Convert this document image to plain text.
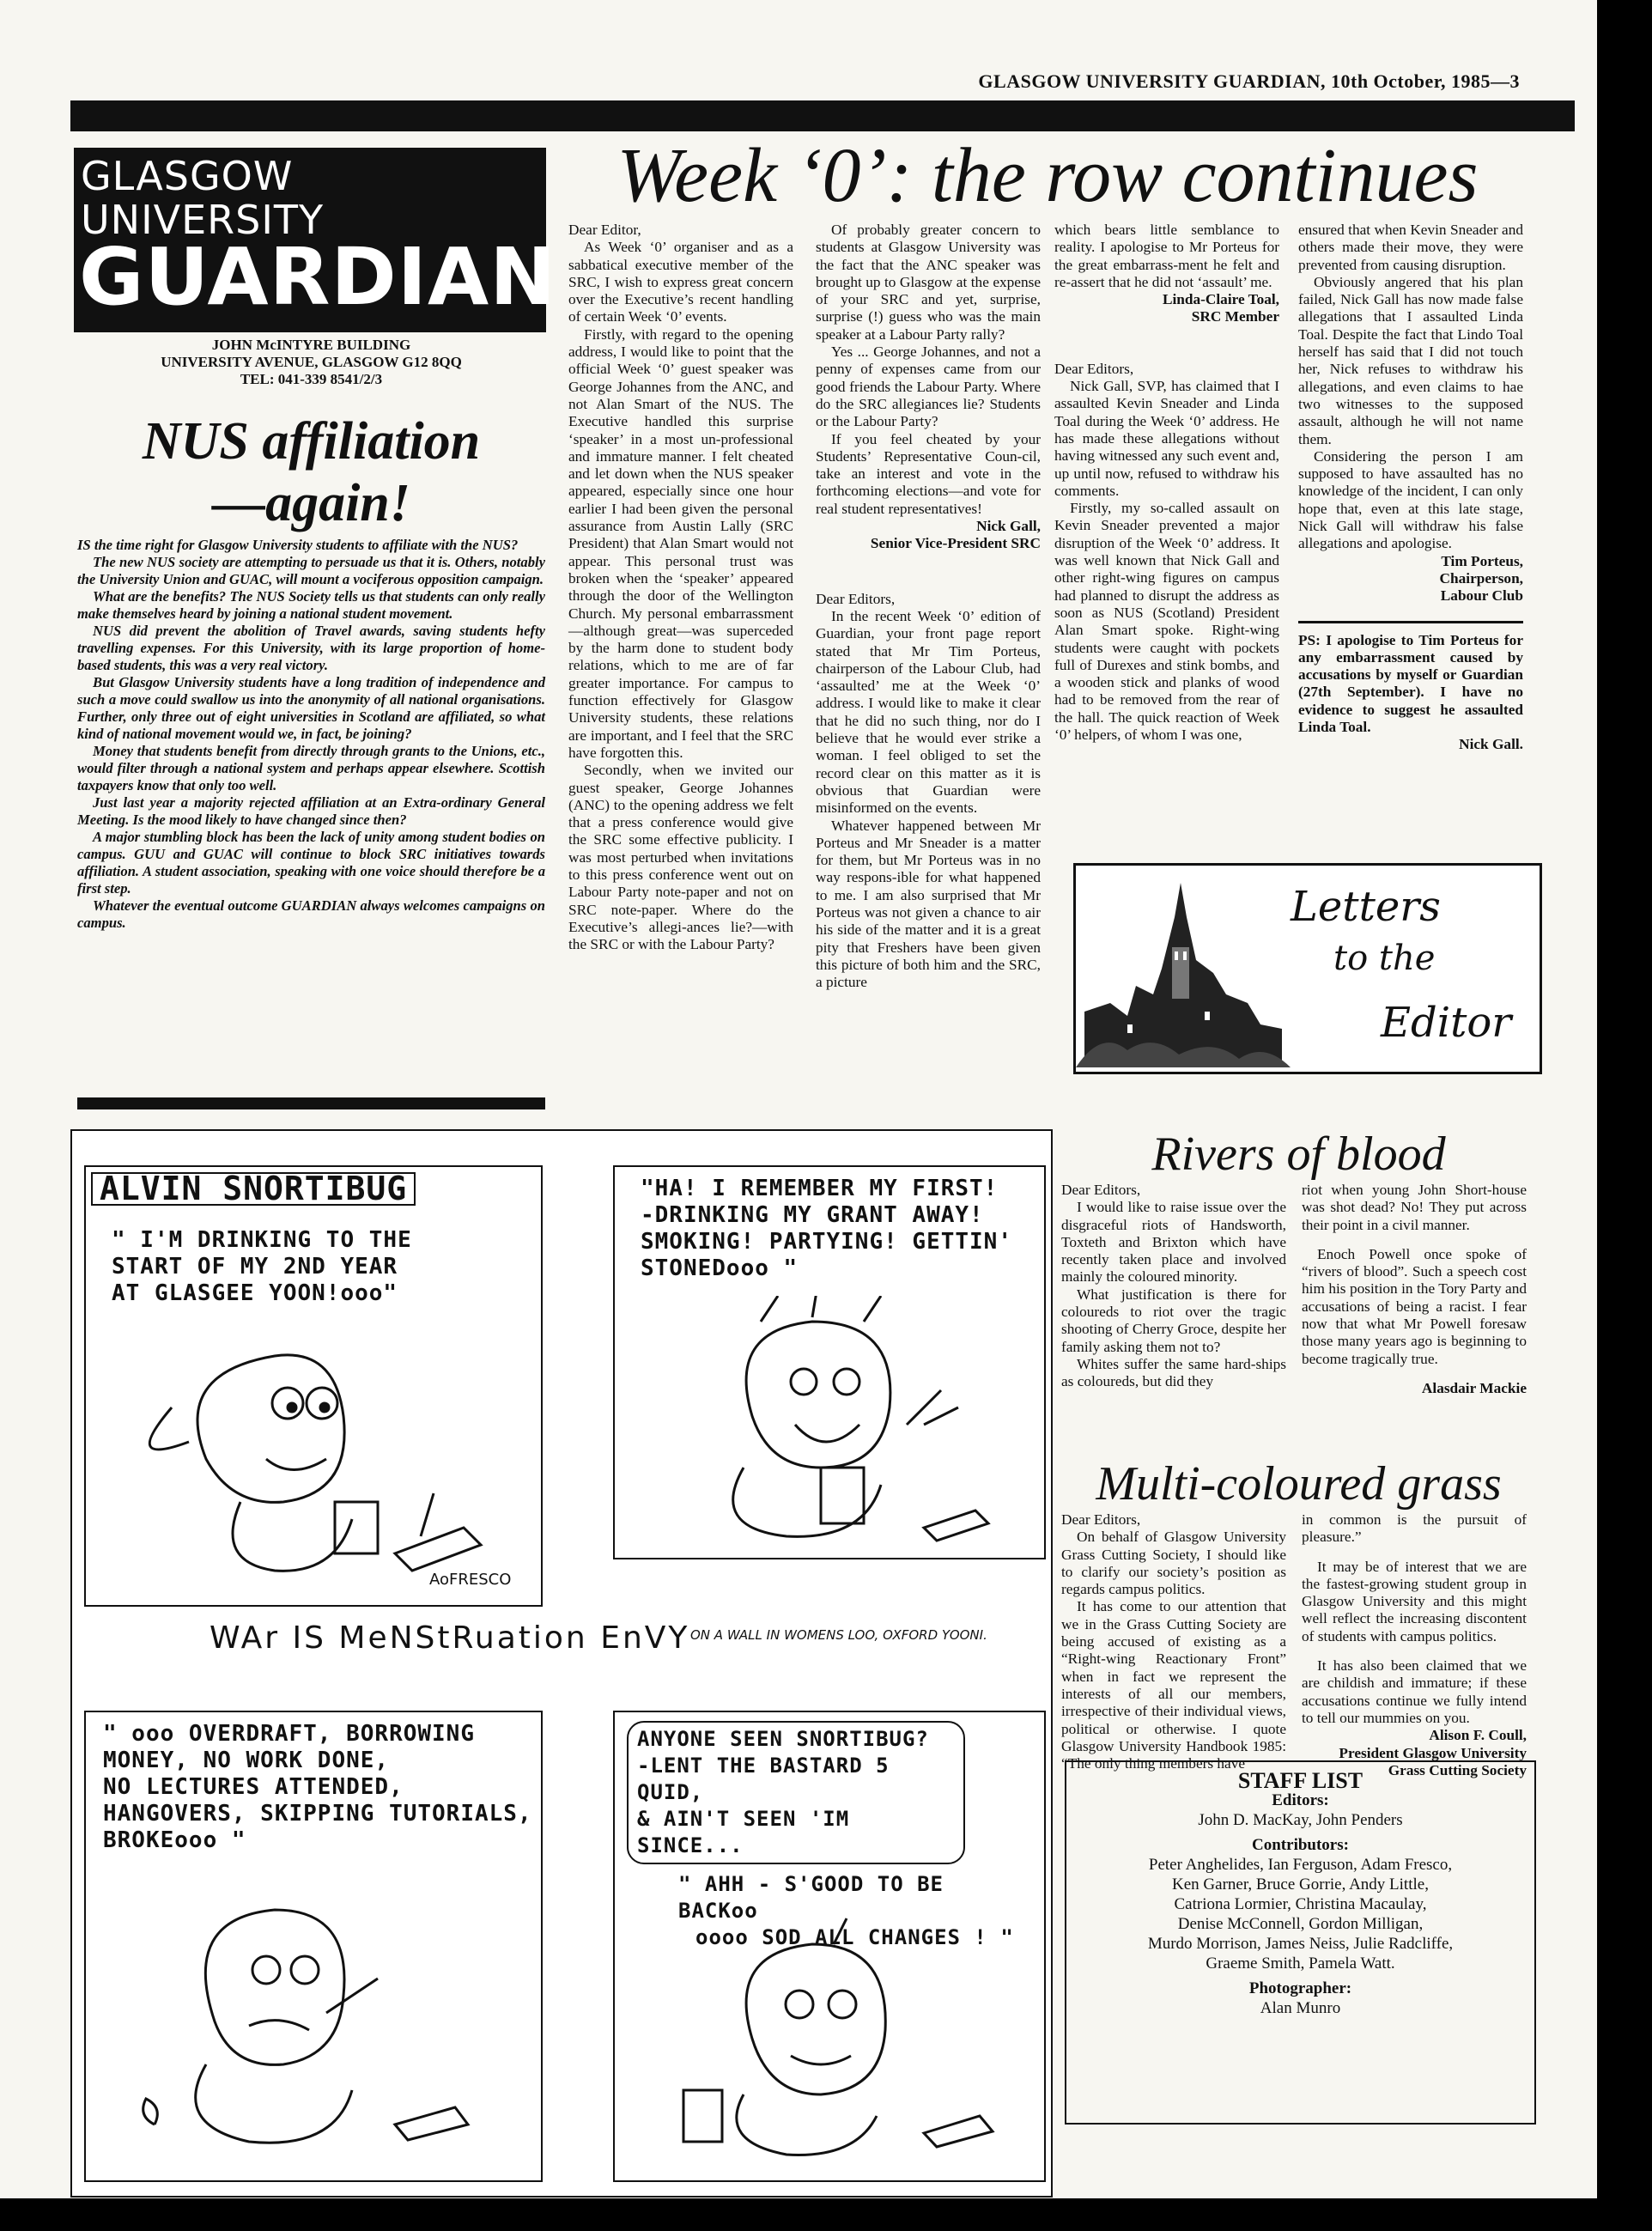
GLASGOW UNIVERSITY GUARDIAN, 10th October, 1985—3
GLASGOW
UNIVERSITY
GUARDIAN
JOHN McINTYRE BUILDING
UNIVERSITY AVENUE, GLASGOW G12 8QQ
TEL: 041-339 8541/2/3
NUS affiliation
—again!

IS the time right for Glasgow University students to affiliate with the NUS?

The new NUS society are attempting to persuade us that it is. Others, notably the University Union and GUAC, will mount a vociferous opposition campaign.

What are the benefits? The NUS Society tells us that students can only really make themselves heard by joining a national student movement.

NUS did prevent the abolition of Travel awards, saving students hefty travelling expenses. For this University, with its large proportion of home-based students, this was a very real victory.

But Glasgow University students have a long tradition of independence and such a move could swallow us into the anonymity of all national organisations. Further, only three out of eight universities in Scotland are affiliated, so what kind of national movement would we, in fact, be joining?

Money that students benefit from directly through grants to the Unions, etc., would filter through a national system and perhaps appear elsewhere. Scottish taxpayers know that only too well.

Just last year a majority rejected affiliation at an Extra-ordinary General Meeting. Is the mood likely to have changed since then?

A major stumbling block has been the lack of unity among student bodies on campus. GUU and GUAC will continue to block SRC initiatives towards affiliation. A student association, speaking with one voice should therefore be a first step.

Whatever the eventual outcome GUARDIAN always welcomes campaigns on campus.

Week ‘0’: the row continues

Dear Editor,

As Week ‘0’ organiser and as a sabbatical executive member of the SRC, I wish to express great concern over the Executive’s recent handling of certain Week ‘0’ events.

Firstly, with regard to the opening address, I would like to point that the official Week ‘0’ guest speaker was George Johannes from the ANC, and not Alan Smart of the NUS. The Executive handled this surprise ‘speaker’ in a most un-professional and immature manner. I felt cheated and let down when the NUS speaker appeared, especially since one hour earlier I had been given the personal assurance from Austin Lally (SRC President) that Alan Smart would not appear. This personal trust was broken when the ‘speaker’ appeared through the door of the Wellington Church. My personal embarrassment—although great—was superceded by the harm done to student body relations, which to me are of far greater importance. For campus to function effectively for Glasgow University students, these relations are important, and I feel that the SRC have forgotten this.

Secondly, when we invited our guest speaker, George Johannes (ANC) to the opening address we felt that a press conference would give the SRC some effective publicity. I was most perturbed when invitations to this press conference went out on Labour Party note-paper and not on SRC note-paper. Where do the Executive’s allegi-ances lie?—with the SRC or with the Labour Party?

Of probably greater concern to students at Glasgow University was the fact that the ANC speaker was brought up to Glasgow at the expense of your SRC and yet, surprise, surprise (!) guess who was the main speaker at a Labour Party rally?

Yes ... George Johannes, and not a penny of expenses came from our good friends the Labour Party. Where do the SRC allegiances lie? Students or the Labour Party?

If you feel cheated by your Students’ Representative Coun-cil, take an interest and vote in the forthcoming elections—and vote for real student representatives!

Nick Gall,

Senior Vice-President SRC

Dear Editors,

In the recent Week ‘0’ edition of Guardian, your front page report stated that Mr Tim Porteus, chairperson of the Labour Club, had ‘assaulted’ me at the Week ‘0’ address. I would like to make it clear that he did no such thing, nor do I believe that he would ever strike a woman. I feel obliged to set the record clear on this matter as it is obvious that Guardian were misinformed on the events.

Whatever happened between Mr Porteus and Mr Sneader is a matter for them, but Mr Porteus was in no way respons-ible for what happened to me. I am also surprised that Mr Porteus was not given a chance to air his side of the matter and it is a great pity that Freshers have been given this picture of both him and the SRC, a picture

which bears little semblance to reality. I apologise to Mr Porteus for the great embarrass-ment he felt and re-assert that he did not ‘assault’ me.

Linda-Claire Toal,

SRC Member

Dear Editors,

Nick Gall, SVP, has claimed that I assaulted Kevin Sneader and Linda Toal during the Week ‘0’ address. He has made these allegations without having witnessed any such event and, up until now, refused to withdraw his comments.

Firstly, my so-called assault on Kevin Sneader prevented a major disruption of the Week ‘0’ address. It was well known that Nick Gall and other right-wing figures on campus had planned to disrupt the address as soon as NUS (Scotland) President Alan Smart spoke. Right-wing students were caught with pockets full of Durexes and stink bombs, and a wooden stick and planks of wood had to be removed from the rear of the hall. The quick reaction of Week ‘0’ helpers, of whom I was one,

ensured that when Kevin Sneader and others made their move, they were prevented from causing disruption.

Obviously angered that his plan failed, Nick Gall has now made false allegations that I assaulted Linda Toal. Despite the fact that Lindo Toal herself has said that I did not touch her, Nick refuses to withdraw his allegations, and even claims to hae two witnesses to the supposed assault, although he will not name them.

Considering the person I am supposed to have assaulted has no knowledge of the incident, I can only hope that, even at this late stage, Nick Gall will withdraw his false allegations and apologise.

Tim Porteus,

Chairperson,

Labour Club

PS: I apologise to Tim Porteus for any embarrassment caused by accusations by myself or Guardian (27th September). I have no evidence to suggest he assaulted Linda Toal.

Nick Gall.

Letters
to the
Editor
Rivers of blood

Dear Editors,

I would like to raise issue over the disgraceful riots of Handsworth, Toxteth and Brixton which have recently taken place and involved mainly the coloured minority.

What justification is there for coloureds to riot over the tragic shooting of Cherry Groce, despite her family asking them not to?

Whites suffer the same hard-ships as coloureds, but did they

riot when young John Short-house was shot dead? No! They put across their point in a civil manner.

Enoch Powell once spoke of “rivers of blood”. Such a speech cost him his position in the Tory Party and accusations of being a racist. I fear now that what Mr Powell foresaw those many years ago is beginning to become tragically true.

Alasdair Mackie

Multi-coloured grass

Dear Editors,

On behalf of Glasgow University Grass Cutting Society, I should like to clarify our society’s position as regards campus politics.

It has come to our attention that we in the Grass Cutting Society are being accused of existing as a “Right-wing Reactionary Front” when in fact we represent the interests of all our members, irrespective of their individual views, political or otherwise. I quote Glasgow University Handbook 1985: “The only thing members have

in common is the pursuit of pleasure.”

It may be of interest that we are the fastest-growing student group in Glasgow University and this might well reflect the increasing discontent of students with campus politics.

It has also been claimed that we are childish and immature; if these accusations continue we fully intend to tell our mummies on you.

Alison F. Coull,

President Glasgow University

Grass Cutting Society

STAFF LIST
Editors:
John D. MacKay, John Penders
Contributors:
Peter Anghelides, Ian Ferguson, Adam Fresco,
Ken Garner, Bruce Gorrie, Andy Little,
Catriona Lormier, Christina Macaulay,
Denise McConnell, Gordon Milligan,
Murdo Morrison, James Neiss, Julie Radcliffe,
Graeme Smith, Pamela Watt.
Photographer:
Alan Munro
ALVIN SNORTIBUG
" I'M DRINKING TO THE
START OF MY 2ND YEAR
AT GLASGEE YOON!ooo"
AoFRESCO
"HA! I REMEMBER MY FIRST!
-DRINKING MY GRANT AWAY!
SMOKING! PARTYING! GETTIN'
STONEDooo "
WAr IS MeNStRuation EnVY ON A WALL IN WOMENS LOO, OXFORD YOONI.
" ooo OVERDRAFT, BORROWING
MONEY, NO WORK DONE,
NO LECTURES ATTENDED,
HANGOVERS, SKIPPING TUTORIALS,
BROKEooo "
ANYONE SEEN SNORTIBUG?
-LENT THE BASTARD 5 QUID,
& AIN'T SEEN 'IM SINCE...
" AHH - S'GOOD TO BE BACKoo
oooo SOD ALL CHANGES ! "
